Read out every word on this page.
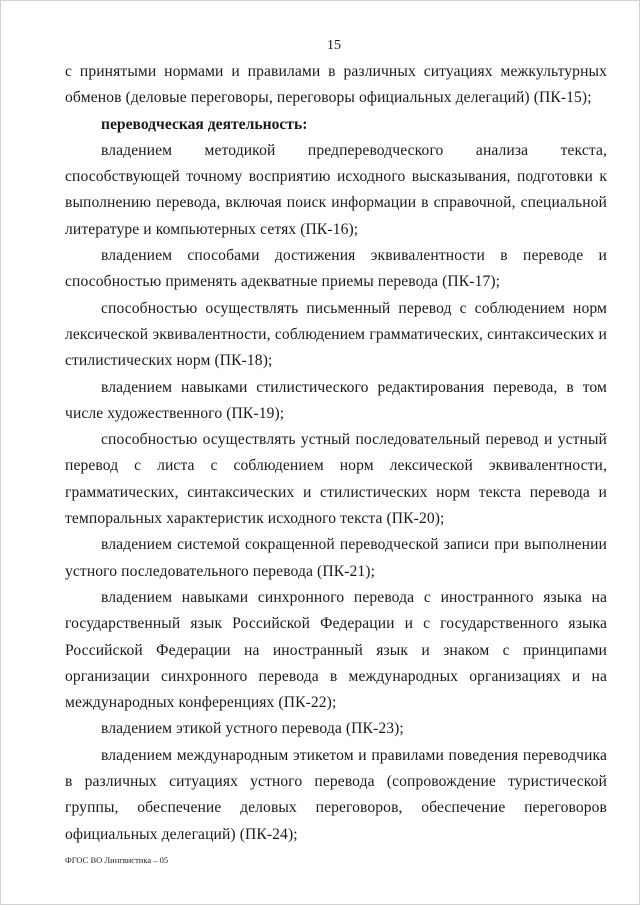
15

с принятыми нормами и правилами в различных ситуациях межкультурных обменов (деловые переговоры, переговоры официальных делегаций) (ПК-15);

переводческая деятельность:

владением методикой предпереводческого анализа текста, способствующей точному восприятию исходного высказывания, подготовки к выполнению перевода, включая поиск информации в справочной, специальной литературе и компьютерных сетях (ПК-16);

владением способами достижения эквивалентности в переводе и способностью применять адекватные приемы перевода (ПК-17);

способностью осуществлять письменный перевод с соблюдением норм лексической эквивалентности, соблюдением грамматических, синтаксических и стилистических норм (ПК-18);

владением навыками стилистического редактирования перевода, в том числе художественного (ПК-19);

способностью осуществлять устный последовательный перевод и устный перевод с листа с соблюдением норм лексической эквивалентности, грамматических, синтаксических и стилистических норм текста перевода и темпоральных характеристик исходного текста (ПК-20);

владением системой сокращенной переводческой записи при выполнении устного последовательного перевода (ПК-21);

владением навыками синхронного перевода с иностранного языка на государственный язык Российской Федерации и с государственного языка Российской Федерации на иностранный язык и знаком с принципами организации синхронного перевода в международных организациях и на международных конференциях (ПК-22);

владением этикой устного перевода (ПК-23);

владением международным этикетом и правилами поведения переводчика в различных ситуациях устного перевода (сопровождение туристической группы, обеспечение деловых переговоров, обеспечение переговоров официальных делегаций) (ПК-24);

ФГОС ВО Лингвистика – 05
